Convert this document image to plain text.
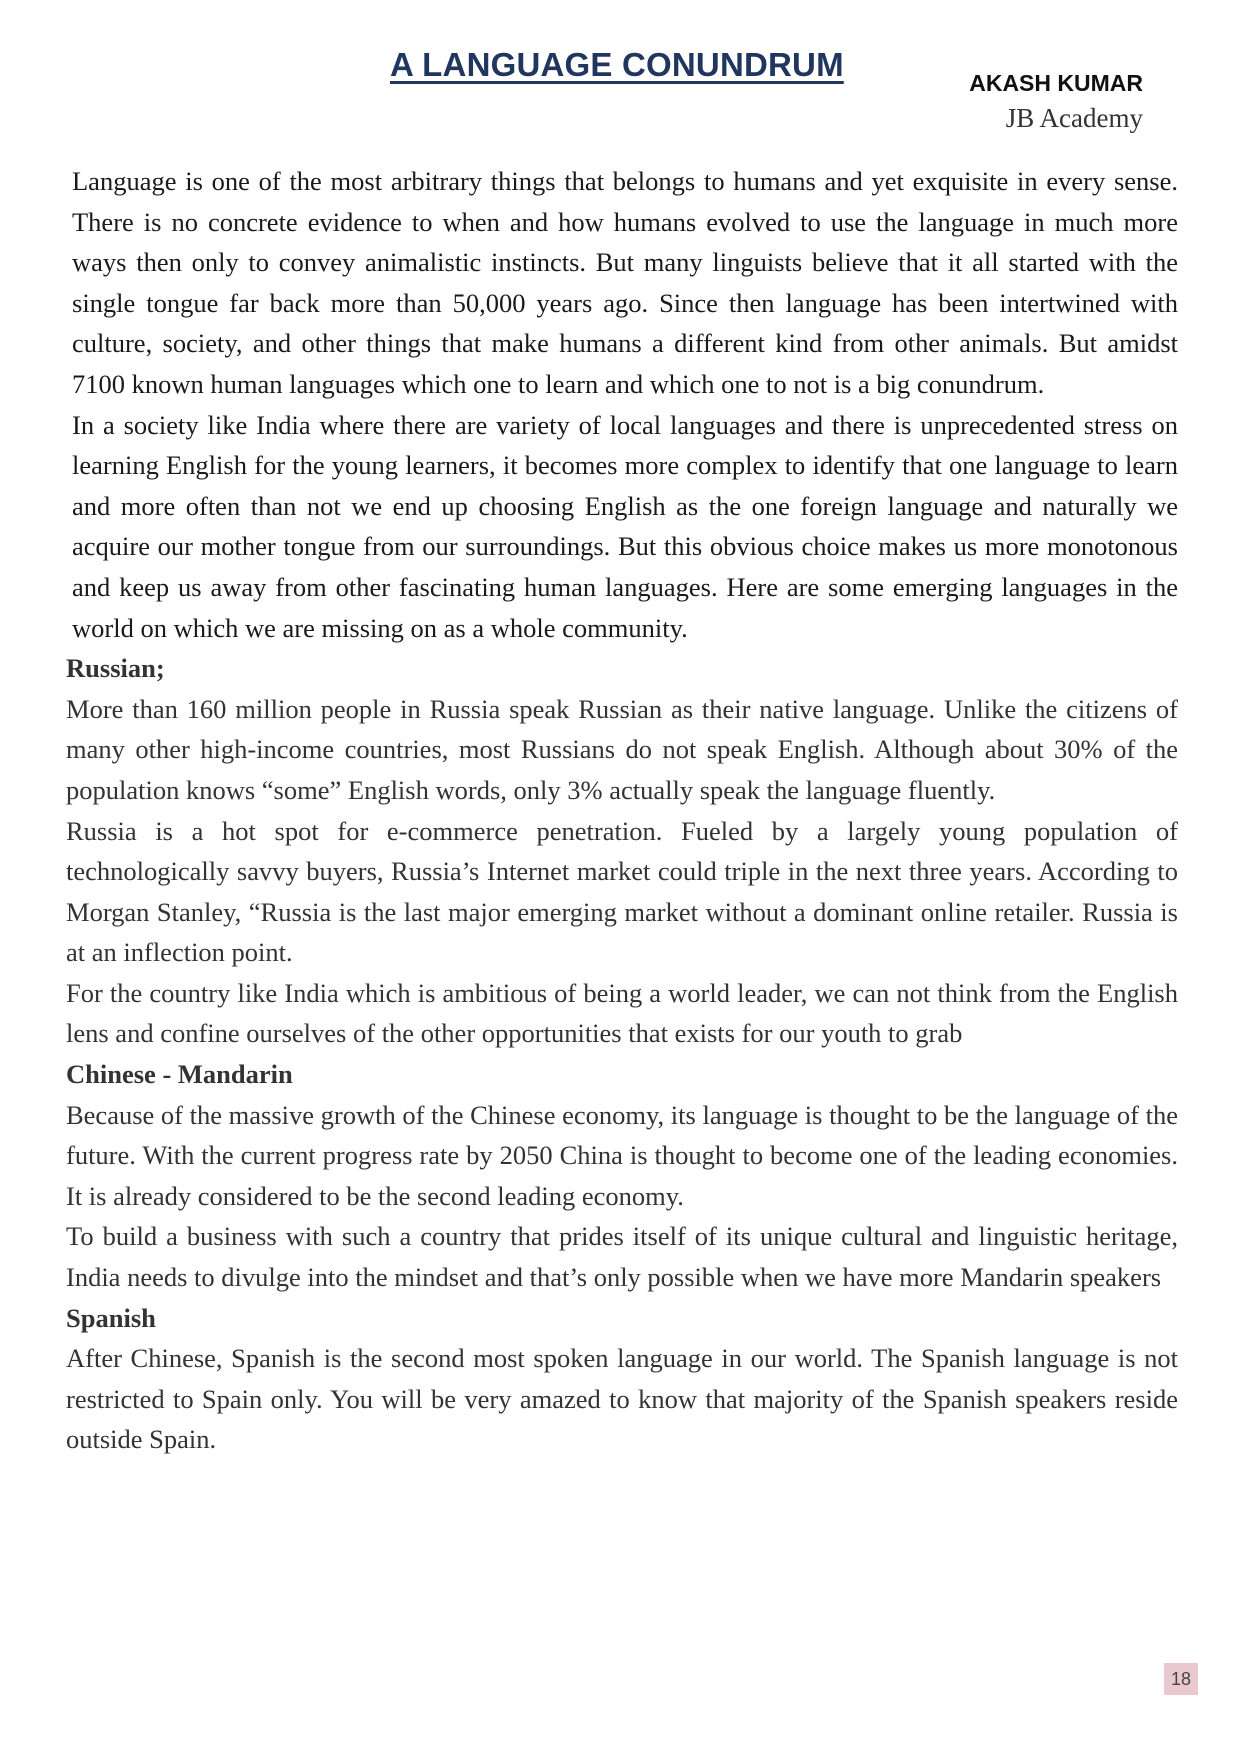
A LANGUAGE CONUNDRUM	AKASH KUMAR
JB Academy

Language is one of the most arbitrary things that belongs to humans and yet exquisite in every sense. There is no concrete evidence to when and how humans evolved to use the language in much more ways then only to convey animalistic instincts. But many linguists believe that it all started with the single tongue far back more than 50,000 years ago. Since then language has been intertwined with culture, society, and other things that make humans a different kind from other animals. But amidst 7100 known human languages which one to learn and which one to not is a big conundrum.

In a society like India where there are variety of local languages and there is unprecedented stress on learning English for the young learners, it becomes more complex to identify that one language to learn and more often than not we end up choosing English as the one foreign language and naturally we acquire our mother tongue from our surroundings. But this obvious choice makes us more monotonous and keep us away from other fascinating human languages. Here are some emerging languages in the world on which we are missing on as a whole community.

Russian;

More than 160 million people in Russia speak Russian as their native language. Unlike the citizens of many other high-income countries, most Russians do not speak English. Although about 30% of the population knows “some” English words, only 3% actually speak the language fluently.

Russia is a hot spot for e-commerce penetration. Fueled by a largely young population of technologically savvy buyers, Russia’s Internet market could triple in the next three years. According to Morgan Stanley, “Russia is the last major emerging market without a dominant online retailer. Russia is at an inflection point.

For the country like India which is ambitious of being a world leader, we can not think from the English lens and confine ourselves of the other opportunities that exists for our youth to grab

Chinese - Mandarin

Because of the massive growth of the Chinese economy, its language is thought to be the language of the future. With the current progress rate by 2050 China is thought to become one of the leading economies. It is already considered to be the second leading economy.

To build a business with such a country that prides itself of its unique cultural and linguistic heritage, India needs to divulge into the mindset and that’s only possible when we have more Mandarin speakers

Spanish

After Chinese, Spanish is the second most spoken language in our world. The Spanish language is not restricted to Spain only. You will be very amazed to know that majority of the Spanish speakers reside outside Spain.

18
